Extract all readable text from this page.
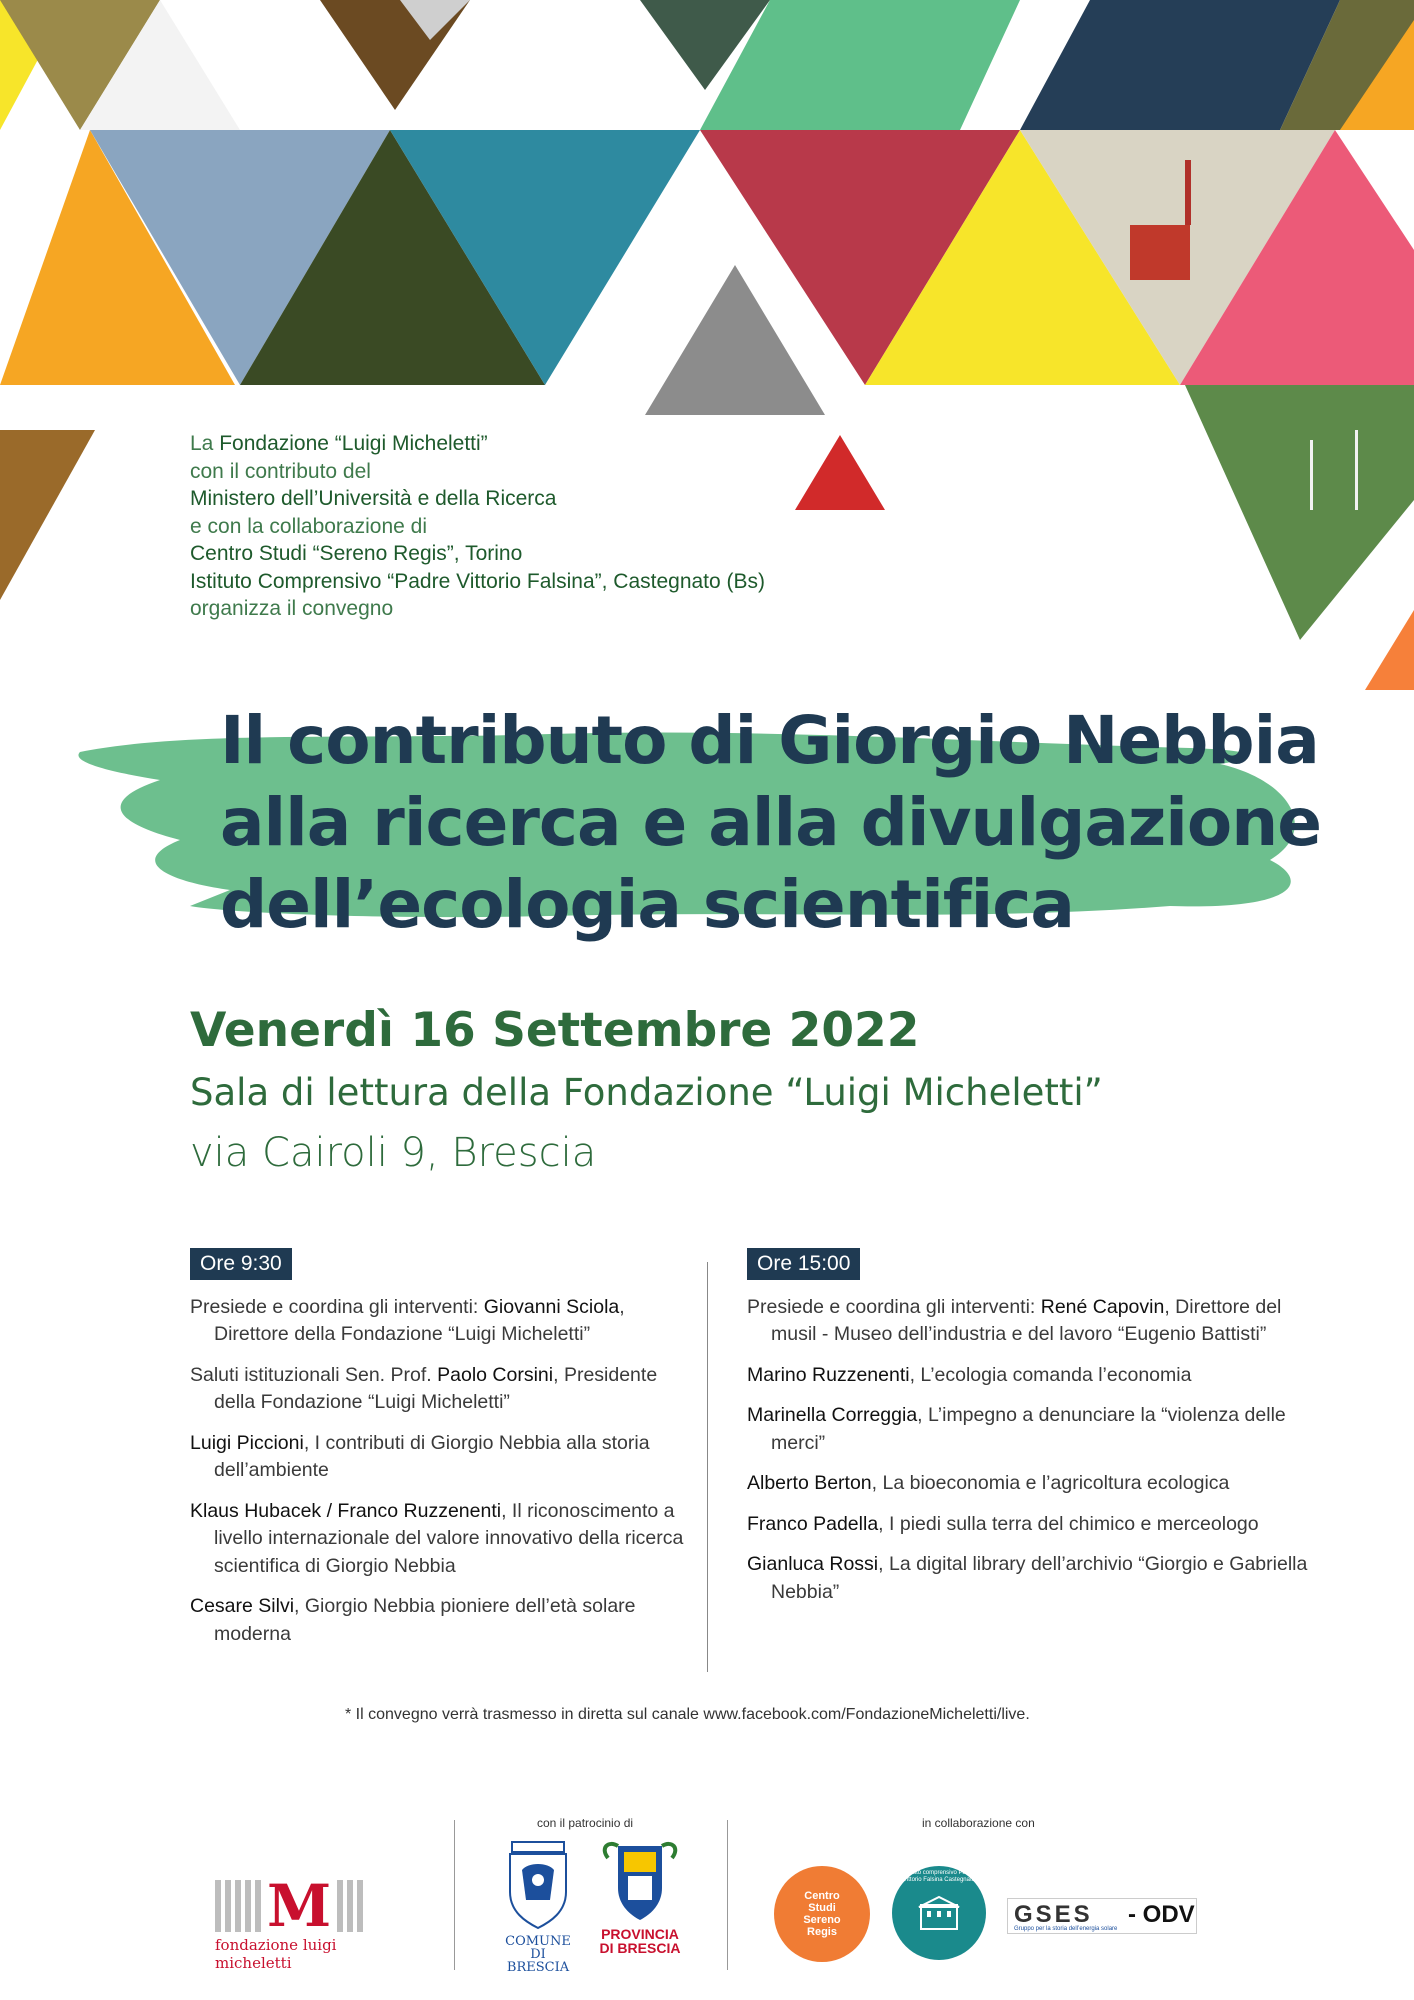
La Fondazione “Luigi Micheletti”
con il contributo del
Ministero dell’Università e della Ricerca
e con la collaborazione di
Centro Studi “Sereno Regis”, Torino
Istituto Comprensivo “Padre Vittorio Falsina”, Castegnato (Bs)
organizza il convegno
Il contributo di Giorgio Nebbia
alla ricerca e alla divulgazione
dell’ecologia scientifica
Venerdì 16 Settembre 2022
Sala di lettura della Fondazione “Luigi Micheletti”
via Cairoli 9, Brescia
Ore 9:30
Presiede e coordina gli interventi: Giovanni Sciola, Direttore della Fondazione “Luigi Micheletti”
Saluti istituzionali Sen. Prof. Paolo Corsini, Presidente della Fondazione “Luigi Micheletti”
Luigi Piccioni, I contributi di Giorgio Nebbia alla storia dell’ambiente
Klaus Hubacek / Franco Ruzzenenti, Il riconoscimento a livello internazionale del valore innovativo della ricerca scientifica di Giorgio Nebbia
Cesare Silvi, Giorgio Nebbia pioniere dell’età solare moderna
Ore 15:00
Presiede e coordina gli interventi: René Capovin, Direttore del musil - Museo dell’industria e del lavoro “Eugenio Battisti”
Marino Ruzzenenti, L’ecologia comanda l’economia
Marinella Correggia, L’impegno a denunciare la “violenza delle merci”
Alberto Berton, La bioeconomia e l’agricoltura ecologica
Franco Padella, I piedi sulla terra del chimico e merceologo
Gianluca Rossi, La digital library dell’archivio “Giorgio e Gabriella Nebbia”
* Il convegno verrà trasmesso in diretta sul canale www.facebook.com/FondazioneMicheletti/live.
con il patrocinio di	in collaborazione con
M
fondazione luigi micheletti
COMUNE DI
BRESCIA
PROVINCIA
DI BRESCIA
Centro Studi Sereno Regis
Istituto comprensivo Padre Vittorio Falsina Castegnato
GSES - ODV
Gruppo per la storia dell’energia solare
